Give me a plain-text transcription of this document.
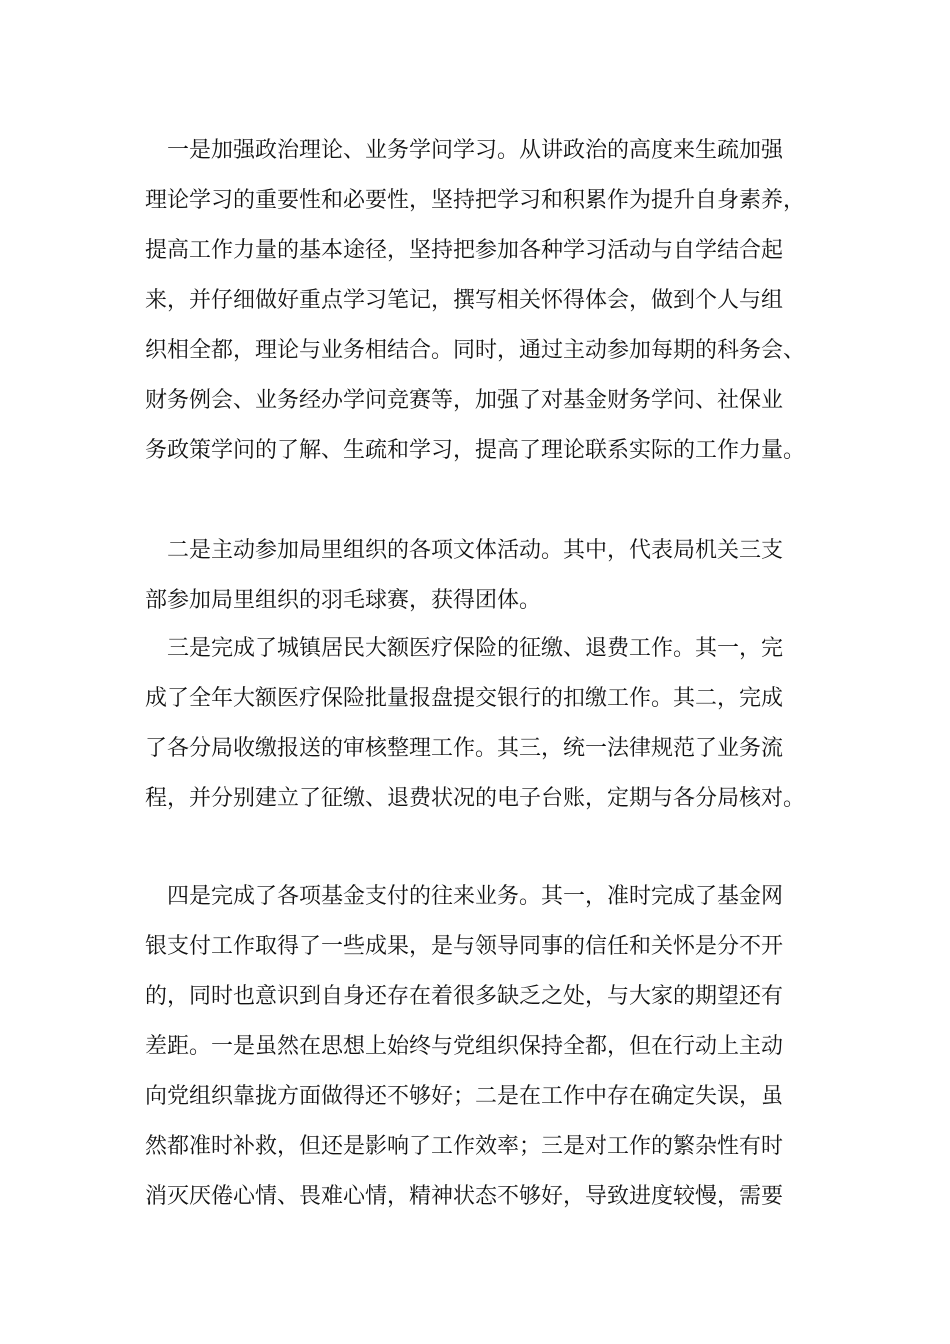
一是加强政治理论、业务学问学习。从讲政治的高度来生疏加强
理论学习的重要性和必要性，坚持把学习和积累作为提升自身素养，
提高工作力量的基本途径，坚持把参加各种学习活动与自学结合起
来，并仔细做好重点学习笔记，撰写相关怀得体会，做到个人与组
织相全都，理论与业务相结合。同时，通过主动参加每期的科务会、
财务例会、业务经办学问竞赛等，加强了对基金财务学问、社保业
务政策学问的了解、生疏和学习，提高了理论联系实际的工作力量。
二是主动参加局里组织的各项文体活动。其中，代表局机关三支
部参加局里组织的羽毛球赛，获得团体。
三是完成了城镇居民大额医疗保险的征缴、退费工作。其一，完
成了全年大额医疗保险批量报盘提交银行的扣缴工作。其二，完成
了各分局收缴报送的审核整理工作。其三，统一法律规范了业务流
程，并分别建立了征缴、退费状况的电子台账，定期与各分局核对。
四是完成了各项基金支付的往来业务。其一，准时完成了基金网
银支付工作取得了一些成果，是与领导同事的信任和关怀是分不开
的，同时也意识到自身还存在着很多缺乏之处，与大家的期望还有
差距。一是虽然在思想上始终与党组织保持全都，但在行动上主动
向党组织靠拢方面做得还不够好；二是在工作中存在确定失误，虽
然都准时补救，但还是影响了工作效率；三是对工作的繁杂性有时
消灭厌倦心情、畏难心情，精神状态不够好，导致进度较慢，需要
